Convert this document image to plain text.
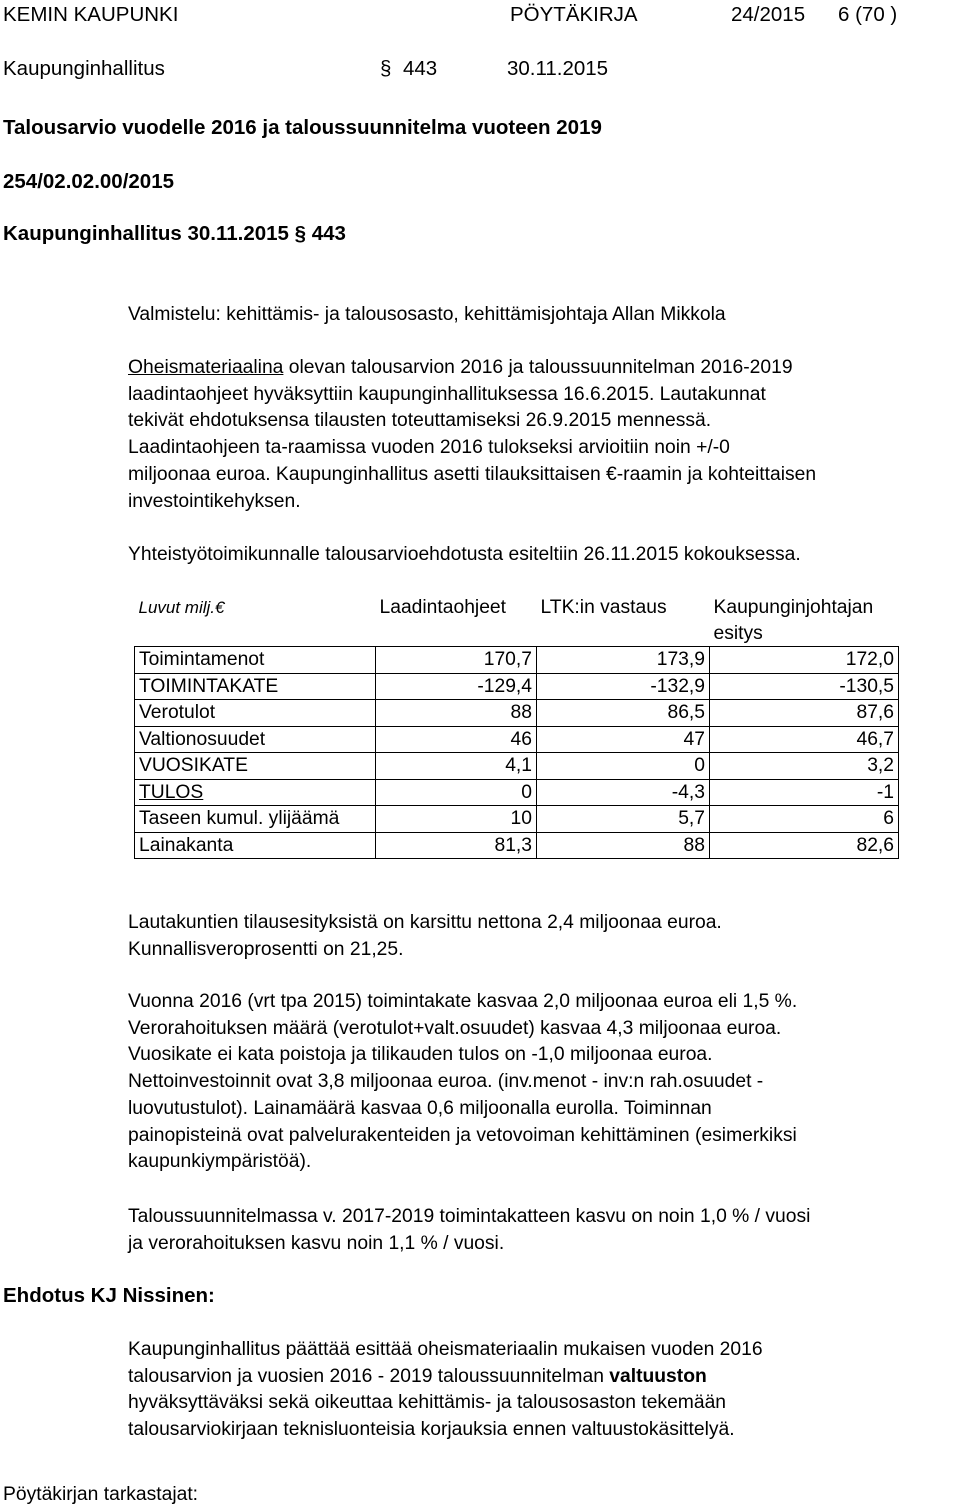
KEMIN KAUPUNKI	PÖYTÄKIRJA	24/2015 6 (70 )
Kaupunginhallitus	§ 443	30.11.2015
Talousarvio vuodelle 2016 ja taloussuunnitelma vuoteen 2019
254/02.02.00/2015
Kaupunginhallitus 30.11.2015 § 443
Valmistelu: kehittämis- ja talousosasto, kehittämisjohtaja Allan Mikkola
Oheismateriaalina olevan talousarvion 2016 ja taloussuunnitelman 2016-2019
laadintaohjeet hyväksyttiin kaupunginhallituksessa 16.6.2015. Lautakunnat
tekivät ehdotuksensa tilausten toteuttamiseksi 26.9.2015 mennessä.
Laadintaohjeen ta-raamissa vuoden 2016 tulokseksi arvioitiin noin +/-0
miljoonaa euroa. Kaupunginhallitus asetti tilauksittaisen €-raamin ja kohteittaisen
investointikehyksen.
Yhteistyötoimikunnalle talousarvioehdotusta esiteltiin 26.11.2015 kokouksessa.
Luvut milj.€	Laadintaohjeet	LTK:in vastaus	Kaupunginjohtajan esitys

Toimintamenot	170,7	173,9	172,0
TOIMINTAKATE	-129,4	-132,9	-130,5
Verotulot	88	86,5	87,6
Valtionosuudet	46	47	46,7
VUOSIKATE	4,1	0	3,2
TULOS	0	-4,3	-1
Taseen kumul. ylijäämä	10	5,7	6
Lainakanta	81,3	88	82,6
Lautakuntien tilausesityksistä on karsittu nettona 2,4 miljoonaa euroa.
Kunnallisveroprosentti on 21,25.
Vuonna 2016 (vrt tpa 2015) toimintakate kasvaa 2,0 miljoonaa euroa eli 1,5 %.
Verorahoituksen määrä (verotulot+valt.osuudet) kasvaa 4,3 miljoonaa euroa.
Vuosikate ei kata poistoja ja tilikauden tulos on -1,0 miljoonaa euroa.
Nettoinvestoinnit ovat 3,8 miljoonaa euroa. (inv.menot - inv:n rah.osuudet -
luovutustulot). Lainamäärä kasvaa 0,6 miljoonalla eurolla. Toiminnan
painopisteinä ovat palvelurakenteiden ja vetovoiman kehittäminen (esimerkiksi
kaupunkiympäristöä).
Taloussuunnitelmassa v. 2017-2019 toimintakatteen kasvu on noin 1,0 % / vuosi
ja verorahoituksen kasvu noin 1,1 % / vuosi.
Ehdotus KJ Nissinen:
Kaupunginhallitus päättää esittää oheismateriaalin mukaisen vuoden 2016
talousarvion ja vuosien 2016 - 2019 taloussuunnitelman valtuuston
hyväksyttäväksi sekä oikeuttaa kehittämis- ja talousosaston tekemään
talousarviokirjaan teknisluonteisia korjauksia ennen valtuustokäsittelyä.
Pöytäkirjan tarkastajat:
